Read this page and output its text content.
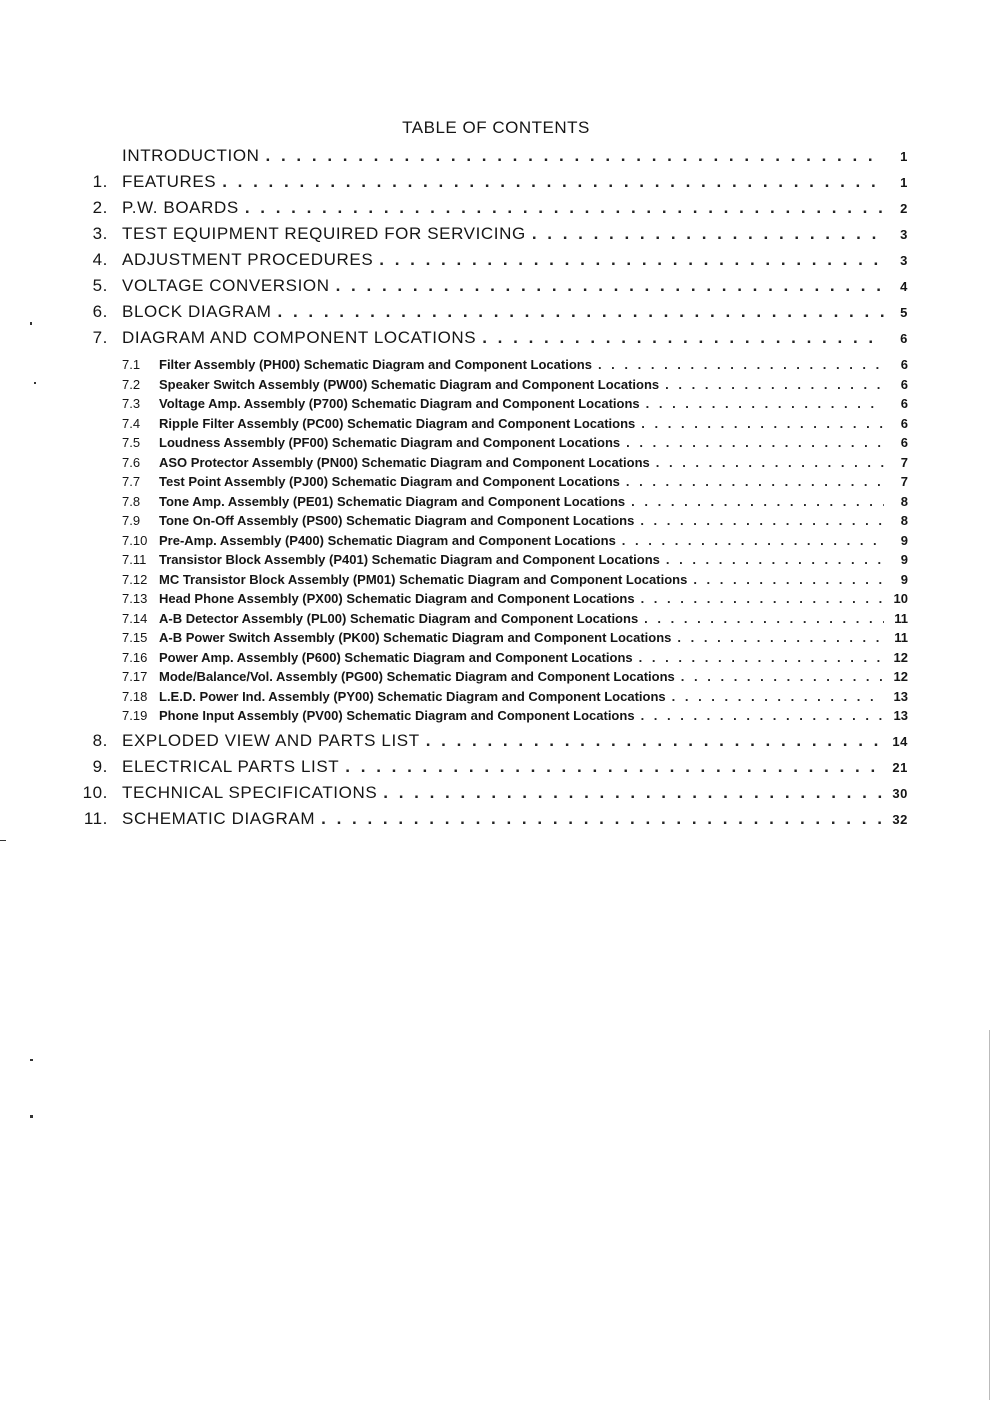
TABLE OF CONTENTS
INTRODUCTION . . .	1
1. FEATURES . . .	1
2. P.W. BOARDS . . .	2
3. TEST EQUIPMENT REQUIRED FOR SERVICING . . .	3
4. ADJUSTMENT PROCEDURES . . .	3
5. VOLTAGE CONVERSION . . .	4
6. BLOCK DIAGRAM . . .	5
7. DIAGRAM AND COMPONENT LOCATIONS . . .	6
7.1	Filter Assembly (PH00) Schematic Diagram and Component Locations . . .	6
7.2	Speaker Switch Assembly (PW00) Schematic Diagram and Component Locations . . .	6
7.3	Voltage Amp. Assembly (P700) Schematic Diagram and Component Locations . . .	6
7.4	Ripple Filter Assembly (PC00) Schematic Diagram and Component Locations . . .	6
7.5	Loudness Assembly (PF00) Schematic Diagram and Component Locations . . .	6
7.6	ASO Protector Assembly (PN00) Schematic Diagram and Component Locations . . .	7
7.7	Test Point Assembly (PJ00) Schematic Diagram and Component Locations . . .	7
7.8	Tone Amp. Assembly (PE01) Schematic Diagram and Component Locations . . .	8
7.9	Tone On-Off Assembly (PS00) Schematic Diagram and Component Locations . . .	8
7.10 Pre-Amp. Assembly (P400) Schematic Diagram and Component Locations . . .	9
7.11 Transistor Block Assembly (P401) Schematic Diagram and Component Locations . . .	9
7.12 MC Transistor Block Assembly (PM01) Schematic Diagram and Component Locations . . .	9
7.13 Head Phone Assembly (PX00) Schematic Diagram and Component Locations . . .	10
7.14 A-B Detector Assembly (PL00) Schematic Diagram and Component Locations . . .	11
7.15 A-B Power Switch Assembly (PK00) Schematic Diagram and Component Locations . . .	11
7.16 Power Amp. Assembly (P600) Schematic Diagram and Component Locations . . .	12
7.17 Mode/Balance/Vol. Assembly (PG00) Schematic Diagram and Component Locations . . .	12
7.18 L.E.D. Power Ind. Assembly (PY00) Schematic Diagram and Component Locations . . .	13
7.19 Phone Input Assembly (PV00) Schematic Diagram and Component Locations . . .	13
8. EXPLODED VIEW AND PARTS LIST . . .	14
9. ELECTRICAL PARTS LIST . . .	21
10. TECHNICAL SPECIFICATIONS . . .	30
11. SCHEMATIC DIAGRAM . . .	32
